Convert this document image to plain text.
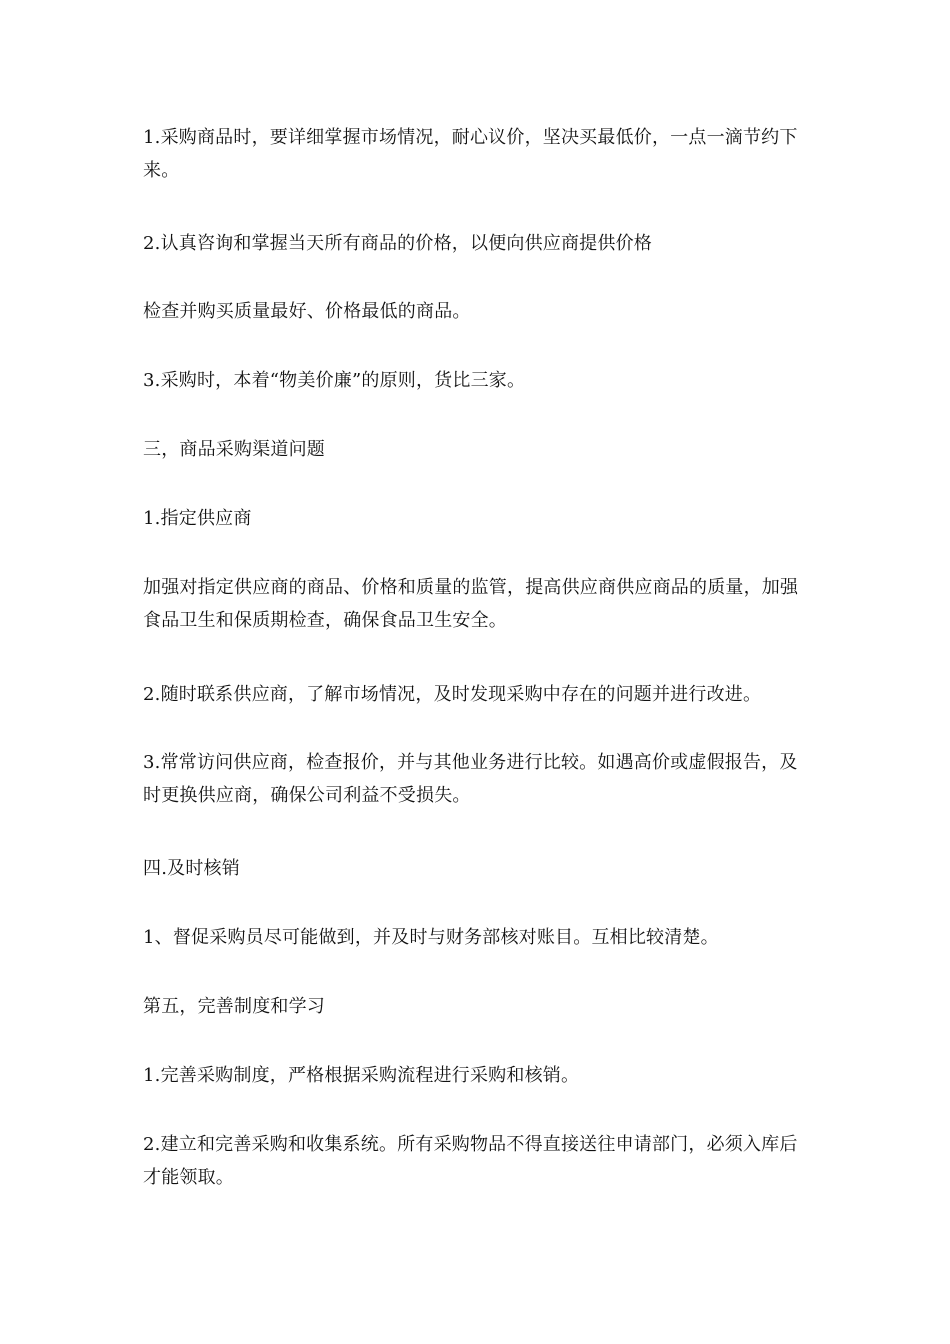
1.采购商品时，要详细掌握市场情况，耐心议价，坚决买最低价，一点一滴节约下来。

2.认真咨询和掌握当天所有商品的价格，以便向供应商提供价格

检查并购买质量最好、价格最低的商品。

3.采购时，本着“物美价廉”的原则，货比三家。

三，商品采购渠道问题

1.指定供应商

加强对指定供应商的商品、价格和质量的监管，提高供应商供应商品的质量，加强食品卫生和保质期检查，确保食品卫生安全。

2.随时联系供应商，了解市场情况，及时发现采购中存在的问题并进行改进。

3.常常访问供应商，检查报价，并与其他业务进行比较。如遇高价或虚假报告，及时更换供应商，确保公司利益不受损失。

四.及时核销

1、督促采购员尽可能做到，并及时与财务部核对账目。互相比较清楚。

第五，完善制度和学习

1.完善采购制度，严格根据采购流程进行采购和核销。

2.建立和完善采购和收集系统。所有采购物品不得直接送往申请部门，必须入库后才能领取。
